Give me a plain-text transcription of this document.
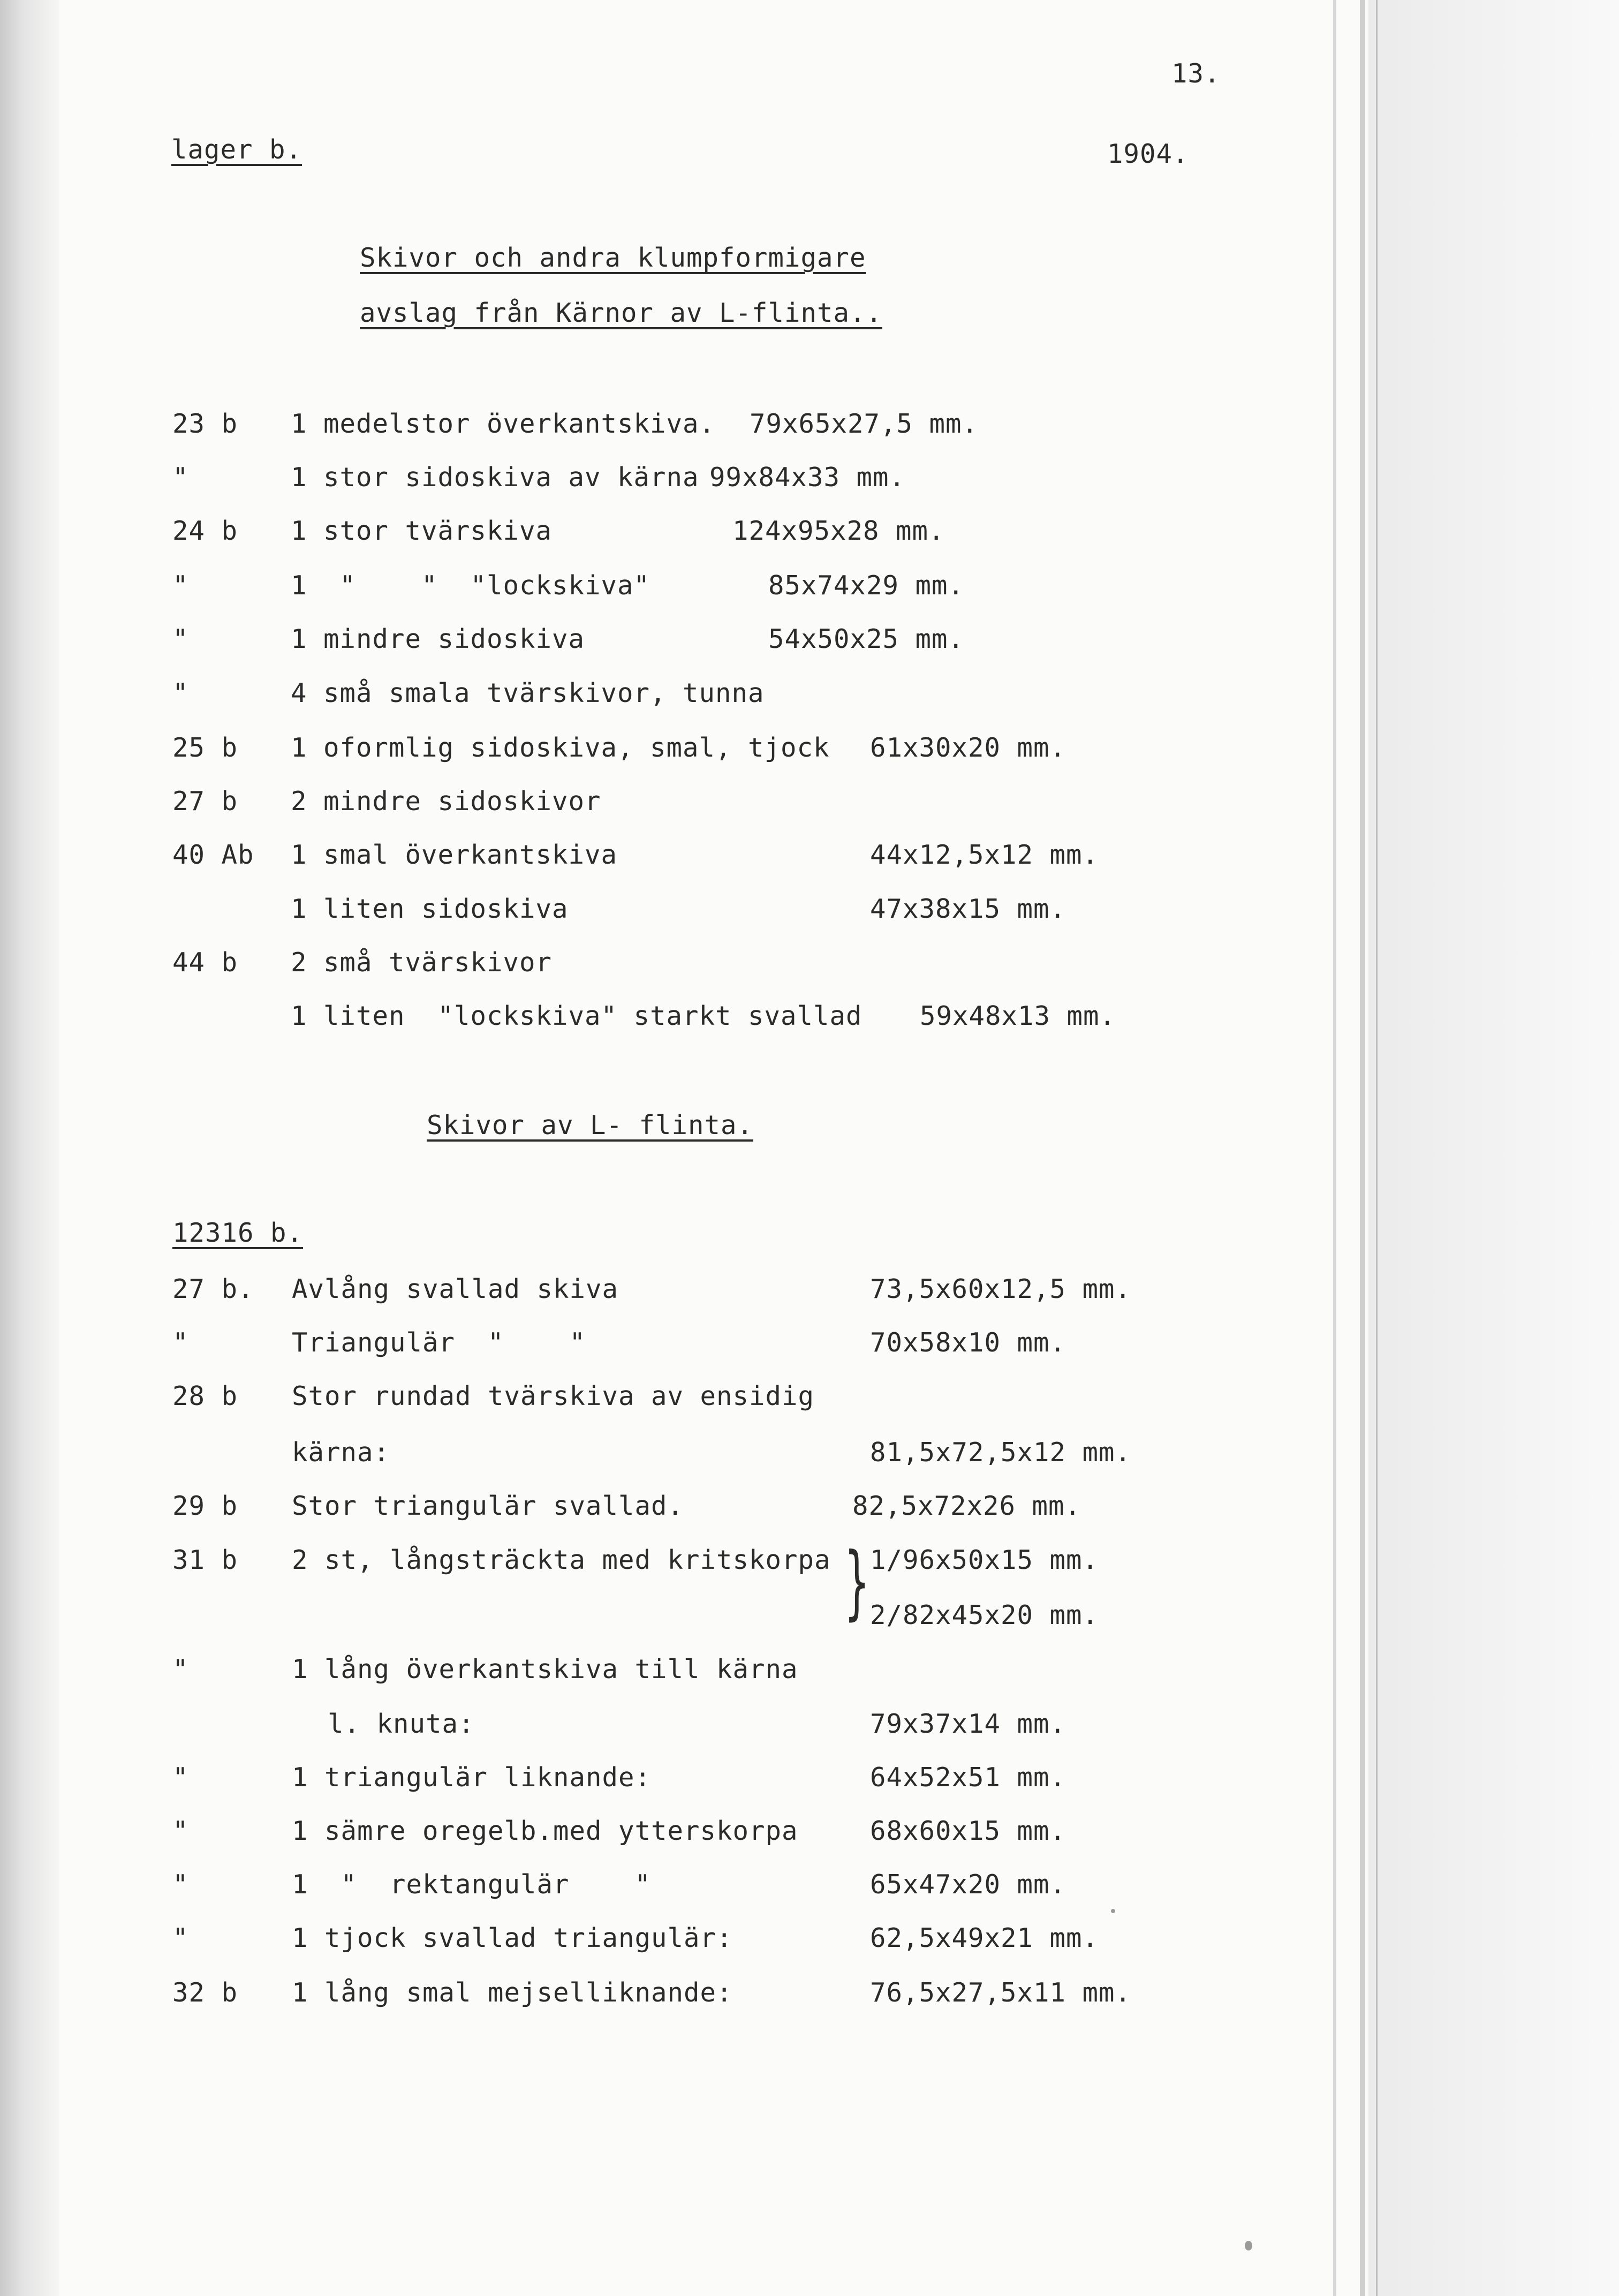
13.
lager b.	1904.
Skivor och andra klumpformigare
avslag från Kärnor av L-flinta..
23 b 1 medelstor överkantskiva. 79x65x27,5 mm.
"	1 stor sidoskiva av kärna 99x84x33 mm.
24 b 1 stor tvärskiva	124x95x28 mm.
"	1  "    "  "lockskiva"	85x74x29 mm.
"	1 mindre sidoskiva	54x50x25 mm.
"	4 små smala tvärskivor, tunna
25 b 1 oformlig sidoskiva, smal, tjock 61x30x20 mm.
27 b 2 mindre sidoskivor
40 Ab 1 smal överkantskiva	44x12,5x12 mm.
1 liten sidoskiva	47x38x15 mm.
44 b 2 små tvärskivor
1 liten  "lockskiva" starkt svallad 59x48x13 mm.
Skivor av L- flinta.
12316 b.
27 b. Avlång svallad skiva	73,5x60x12,5 mm.
"	Triangulär  "    "	70x58x10 mm.
28 b Stor rundad tvärskiva av ensidig
kärna:	81,5x72,5x12 mm.
29 b Stor triangulär svallad.	82,5x72x26 mm.
31 b 2 st, långsträckta med kritskorpa 1/96x50x15 mm.
} 2/82x45x20 mm.
"	1 lång överkantskiva till kärna
l. knuta:	79x37x14 mm.
"	1 triangulär liknande:	64x52x51 mm.
"	1 sämre oregelb.med ytterskorpa	68x60x15 mm.
"	1  "  rektangulär    "	65x47x20 mm.
"	1 tjock svallad triangulär:	62,5x49x21 mm.
32 b 1 lång smal mejselliknande:	76,5x27,5x11 mm.
